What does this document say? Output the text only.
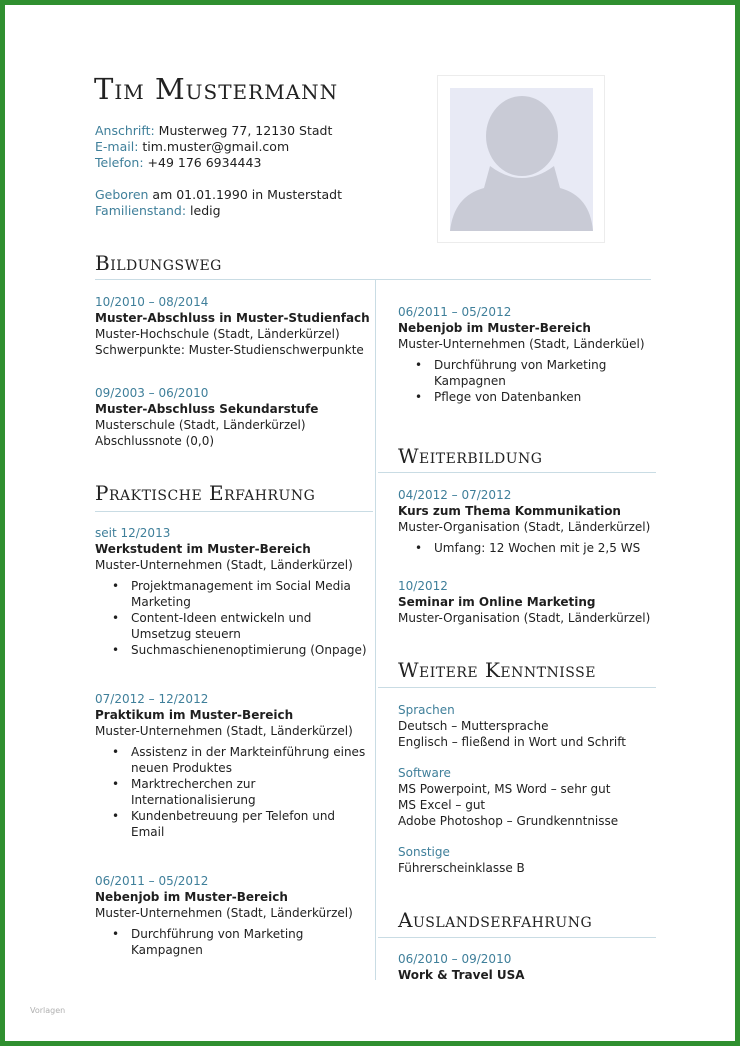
Tim Mustermann
Anschrift: Musterweg 77, 12130 Stadt
E-mail: tim.muster@gmail.com
Telefon: +49 176 6934443
Geboren am 01.01.1990 in Musterstadt
Familienstand: ledig
Bildungsweg
10/2010 – 08/2014
Muster-Abschluss in Muster-Studienfach
Muster-Hochschule (Stadt, Länderkürzel)
Schwerpunkte: Muster-Studienschwerpunkte
09/2003 – 06/2010
Muster-Abschluss Sekundarstufe
Musterschule (Stadt, Länderkürzel)
Abschlussnote (0,0)
Praktische Erfahrung
seit 12/2013
Werkstudent im Muster-Bereich
Muster-Unternehmen (Stadt, Länderkürzel)
• Projektmanagement im Social Media
Marketing
• Content-Ideen entwickeln und
Umsetzug steuern
• Suchmaschienenoptimierung (Onpage)
07/2012 – 12/2012
Praktikum im Muster-Bereich
Muster-Unternehmen (Stadt, Länderkürzel)
• Assistenz in der Markteinführung eines
neuen Produktes
• Marktrecherchen zur
Internationalisierung
• Kundenbetreuung per Telefon und
Email
06/2011 – 05/2012
Nebenjob im Muster-Bereich
Muster-Unternehmen (Stadt, Länderkürzel)
• Durchführung von Marketing
Kampagnen
06/2011 – 05/2012
Nebenjob im Muster-Bereich
Muster-Unternehmen (Stadt, Länderküel)
• Durchführung von Marketing
Kampagnen
• Pflege von Datenbanken
Weiterbildung
04/2012 – 07/2012
Kurs zum Thema Kommunikation
Muster-Organisation (Stadt, Länderkürzel)
• Umfang: 12 Wochen mit je 2,5 WS
10/2012
Seminar im Online Marketing
Muster-Organisation (Stadt, Länderkürzel)
Weitere Kenntnisse
Sprachen
Deutsch – Muttersprache
Englisch – fließend in Wort und Schrift
Software
MS Powerpoint, MS Word – sehr gut
MS Excel – gut
Adobe Photoshop – Grundkenntnisse
Sonstige
Führerscheinklasse B
Auslandserfahrung
06/2010 – 09/2010
Work & Travel USA
Vorlagen
